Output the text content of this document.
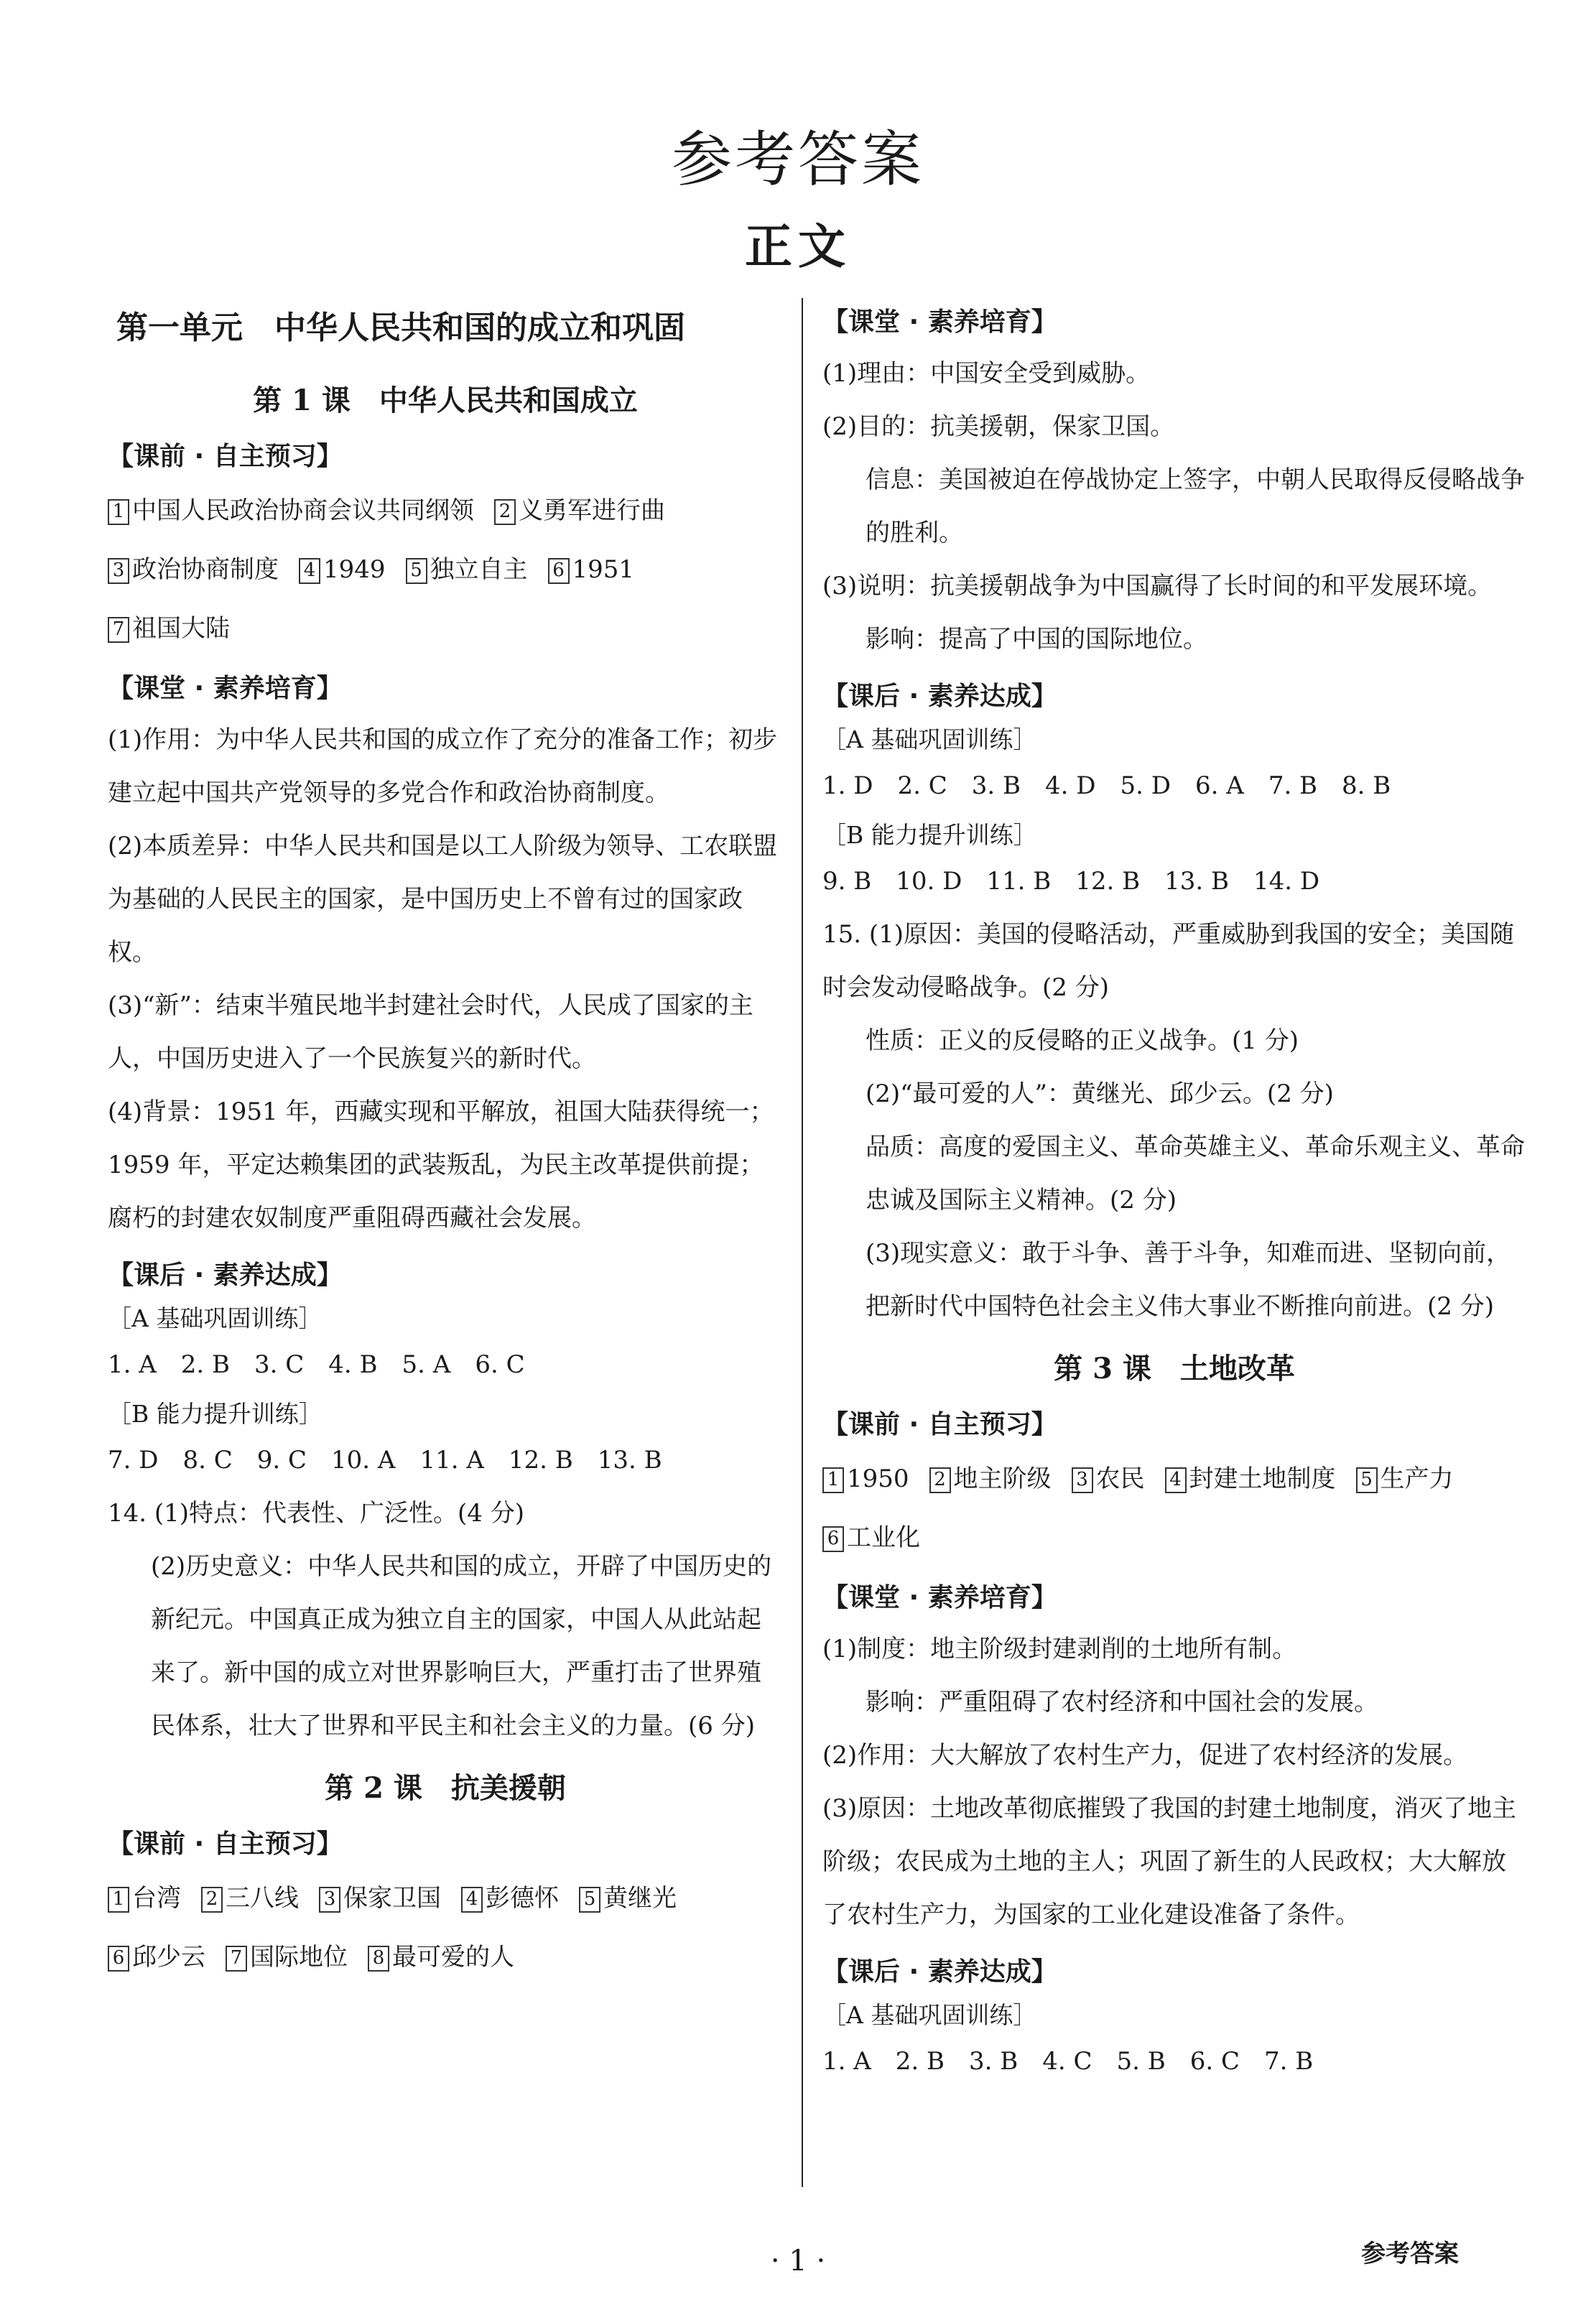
参考答案
正文
第一单元　中华人民共和国的成立和巩固
第 1 课　中华人民共和国成立
【课前 · 自主预习】
1 中国人民政治协商会议共同纲领 2 义勇军进行曲
3 政治协商制度 4 1949 5 独立自主 6 1951
7 祖国大陆
【课堂 · 素养培育】
(1)作用：为中华人民共和国的成立作了充分的准备工作；初步建立起中国共产党领导的多党合作和政治协商制度。
(2)本质差异：中华人民共和国是以工人阶级为领导、工农联盟为基础的人民民主的国家，是中国历史上不曾有过的国家政权。
(3)“新”：结束半殖民地半封建社会时代，人民成了国家的主人，中国历史进入了一个民族复兴的新时代。
(4)背景：1951 年，西藏实现和平解放，祖国大陆获得统一；1959 年，平定达赖集团的武装叛乱，为民主改革提供前提；腐朽的封建农奴制度严重阻碍西藏社会发展。
【课后 · 素养达成】
［A 基础巩固训练］
1. A　2. B　3. C　4. B　5. A　6. C
［B 能力提升训练］
7. D　8. C　9. C　10. A　11. A　12. B　13. B
14. (1)特点：代表性、广泛性。(4 分)
(2)历史意义：中华人民共和国的成立，开辟了中国历史的新纪元。中国真正成为独立自主的国家，中国人从此站起来了。新中国的成立对世界影响巨大，严重打击了世界殖民体系，壮大了世界和平民主和社会主义的力量。(6 分)
第 2 课　抗美援朝
【课前 · 自主预习】
1 台湾 2 三八线 3 保家卫国 4 彭德怀 5 黄继光
6 邱少云 7 国际地位 8 最可爱的人
【课堂 · 素养培育】
(1)理由：中国安全受到威胁。
(2)目的：抗美援朝，保家卫国。
信息：美国被迫在停战协定上签字，中朝人民取得反侵略战争的胜利。
(3)说明：抗美援朝战争为中国赢得了长时间的和平发展环境。
影响：提高了中国的国际地位。
【课后 · 素养达成】
［A 基础巩固训练］
1. D　2. C　3. B　4. D　5. D　6. A　7. B　8. B
［B 能力提升训练］
9. B　10. D　11. B　12. B　13. B　14. D
15. (1)原因：美国的侵略活动，严重威胁到我国的安全；美国随时会发动侵略战争。(2 分)
性质：正义的反侵略的正义战争。(1 分)
(2)“最可爱的人”：黄继光、邱少云。(2 分)
品质：高度的爱国主义、革命英雄主义、革命乐观主义、革命忠诚及国际主义精神。(2 分)
(3)现实意义：敢于斗争、善于斗争，知难而进、坚韧向前，把新时代中国特色社会主义伟大事业不断推向前进。(2 分)
第 3 课　土地改革
【课前 · 自主预习】
1 1950 2 地主阶级 3 农民 4 封建土地制度 5 生产力
6 工业化
【课堂 · 素养培育】
(1)制度：地主阶级封建剥削的土地所有制。
影响：严重阻碍了农村经济和中国社会的发展。
(2)作用：大大解放了农村生产力，促进了农村经济的发展。
(3)原因：土地改革彻底摧毁了我国的封建土地制度，消灭了地主阶级；农民成为土地的主人；巩固了新生的人民政权；大大解放了农村生产力，为国家的工业化建设准备了条件。
【课后 · 素养达成】
［A 基础巩固训练］
1. A　2. B　3. B　4. C　5. B　6. C　7. B
· 1 ·	参考答案
